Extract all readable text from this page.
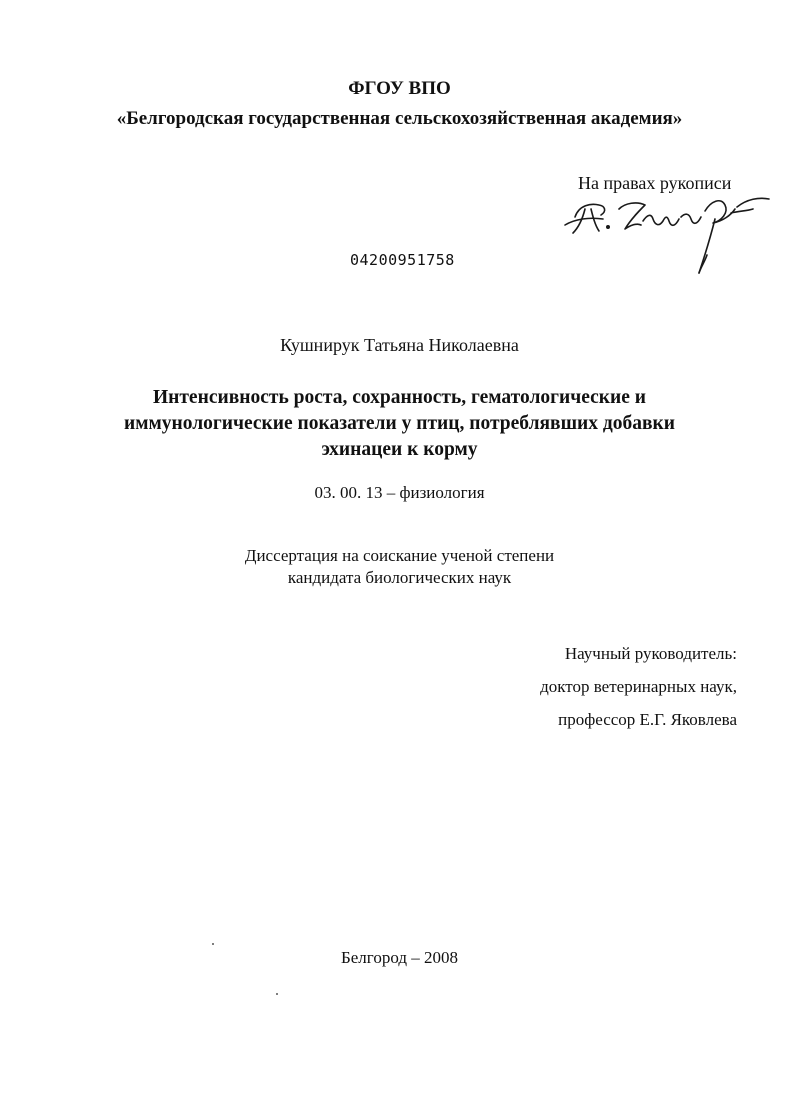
ФГОУ ВПО
«Белгородская государственная сельскохозяйственная академия»
На правах рукописи
04200951758
Кушнирук Татьяна Николаевна
Интенсивность роста, сохранность, гематологические и
иммунологические показатели у птиц, потреблявших добавки
эхинацеи к корму
03. 00. 13 – физиология
Диссертация на соискание ученой степени
кандидата биологических наук
Научный руководитель:
доктор ветеринарных наук,
профессор Е.Г. Яковлева
Белгород – 2008
